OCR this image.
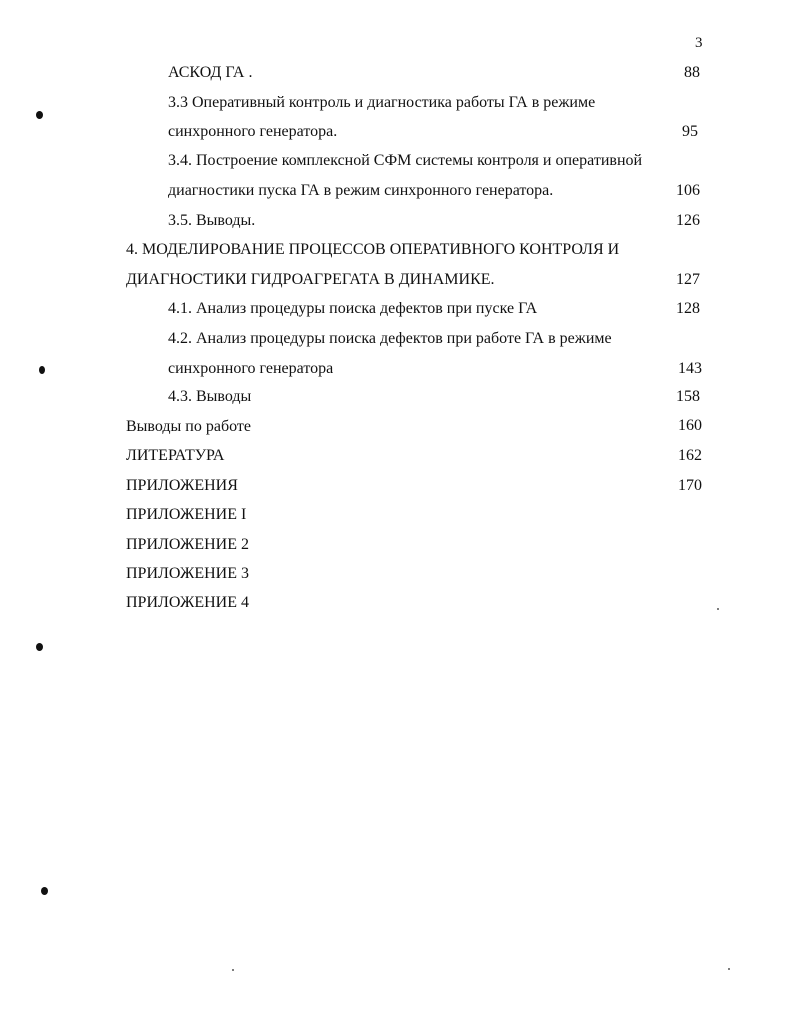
3
АСКОД ГА .	88
3.3 Оперативный контроль и диагностика работы ГА в режиме
синхронного генератора.	95
3.4. Построение комплексной СФМ системы контроля и оперативной
диагностики пуска ГА в режим синхронного генератора.	106
3.5. Выводы.	126
4. МОДЕЛИРОВАНИЕ ПРОЦЕССОВ ОПЕРАТИВНОГО КОНТРОЛЯ И
ДИАГНОСТИКИ ГИДРОАГРЕГАТА В ДИНАМИКЕ.	127
4.1. Анализ процедуры поиска дефектов при пуске ГА	128
4.2. Анализ процедуры поиска дефектов при работе ГА в режиме
синхронного генератора	143
4.3. Выводы	158
Выводы по работе	160
ЛИТЕРАТУРА	162
ПРИЛОЖЕНИЯ	170
ПРИЛОЖЕНИЕ I
ПРИЛОЖЕНИЕ 2
ПРИЛОЖЕНИЕ 3
ПРИЛОЖЕНИЕ 4
